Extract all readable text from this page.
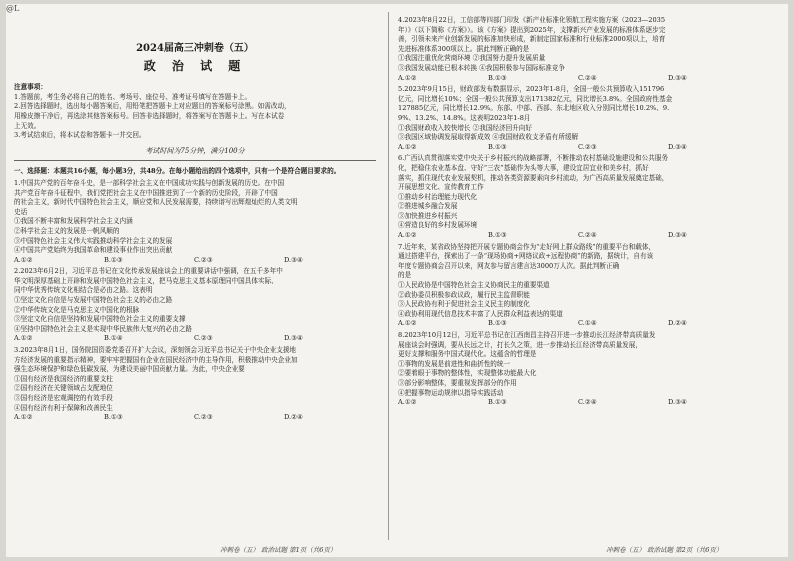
@L
2024届高三冲刺卷（五）
政 治 试 题
注意事项：
1.答题前，考生务必将自己的姓名、考场号、座位号、准考证号填写在答题卡上。
2.回答选择题时，选出每小题答案后，用铅笔把答题卡上对应题目的答案标号涂黑。如需改动，
用橡皮擦干净后，再选涂其他答案标号。回答非选择题时，将答案写在答题卡上。写在本试卷
上无效。
3.考试结束后，将本试卷和答题卡一并交回。
考试时间为75分钟，满分100分
一、选择题：本题共16小题，每小题3分，共48分。在每小题给出的四个选项中，只有一个是符合题目要求的。
1.中国共产党的百年奋斗史，是一部科学社会主义在中国成功实践与创新发展的历史。在中国
共产党百年奋斗征程中，我们党把社会主义在中国推进到了一个新的历史阶段，开辟了中国
的社会主义，新时代中国特色社会主义，顺应党和人民发展需要，持续谱写出辉煌灿烂的人类文明
史话
①我国不断丰富和发展科学社会主义内涵
②科学社会主义的发展是一帆风顺的
③中国特色社会主义伟大实践推动科学社会主义的发展
④中国共产党始终为我国革命和建设事业作出突出贡献
A.①②	B.①③	C.②③	D.③④
2.2023年6月2日，习近平总书记在文化传承发展座谈会上的重要讲话中强调，在五千多年中
华文明深厚基础上开辟和发展中国特色社会主义，把马克思主义基本原理同中国具体实际、
同中华优秀传统文化相结合是必由之路。这表明
①坚定文化自信是与发展中国特色社会主义的必由之路
②中华传统文化是马克思主义中国化的根脉
③坚定文化自信是坚持和发展中国特色社会主义的重要支撑
④坚持中国特色社会主义是实现中华民族伟大复兴的必由之路
A.①②	B.①④	C.②③	D.③④
3.2023年8月1日，国务院国资委党委召开扩大会议，深刻领会习近平总书记关于中央企业支援地
方经济发展的重要指示精神，要牢牢把握国有企业在国民经济中的主导作用，积极推动中央企业加
强生态环境保护和绿色低碳发展，为建设美丽中国贡献力量。为此，中央企业要
①国有经济是我国经济的重要支柱
②国有经济在关键领域占支配地位
③国有经济是宏观调控的有效手段
④国有经济有利于保障和改善民生
A.①②	B.①③	C.②③	D.②④
4.2023年8月22日，工信部等四部门印发《新产业标准化领航工程实施方案（2023—2035
年）》（以下简称《方案》）。该《方案》提出到2025年，支撑新兴产业发展的标准体系逐步完
善，引领未来产业创新发展的标准加快形成，新制定国家标准和行业标准2000项以上，培育
先进标准体系300项以上。据此判断正确的是
①我国注重优化营商环境 ②我国努力提升发展质量
③我国发展动能已根本转换 ④我国积极参与国际标准竞争
A.①②	B.①③	C.②④	D.③④
5.2023年9月15日，财政部发布数据显示，2023年1-8月，全国一般公共预算收入151796
亿元，同比增长10%；全国一般公共预算支出171382亿元，同比增长3.8%。全国政府性基金
127885亿元，同比增长12.9%。东部、中部、西部、东北地区收入分别同比增长10.2%、9.
9%、13.2%、14.8%。这表明2023年1-8月
①我国财政收入较快增长 ②我国经济回升向好
③我国区域协调发展取得新成效 ④我国财政收支矛盾有所缓解
A.①②	B.①③	C.②③	D.③④
6.广西认真贯彻落实党中央关于乡村振兴的战略部署，不断推动农村基础设施建设和公共服务
化，把稳住农业基本盘、守好“三农”基础作为头等大事，建设宜居宜业和美乡村，抓好
落实，抓住现代农业发展契机，推动各类资源要素向乡村流动，为广西高质量发展奠定基础，
开展思想文化、宣传教育工作
①推动乡村治理能力现代化
②推进城乡融合发展
③加快推进乡村振兴
④营造良好的乡村发展环境
A.①②	B.①③	C.②④	D.③④
7.近年来，某省政协坚持把开展专题协商会作为“走好网上群众路线”的重要平台和载体，
通过搭建平台，探索出了一条“现场协商+网络议政+远程协商”的新路，据统计，自有该
年度专题协商会召开以来，网友参与留言建言达3000万人次。据此判断正确
的是
①人民政协是中国特色社会主义协商民主的重要渠道
②政协委员积极参政议政，履行民主监督职能
③人民政协有利于促进社会主义民主的制度化
④政协利用现代信息技术丰富了人民群众利益表达的渠道
A.①②	B.①③	C.①④	D.②④
8.2023年10月12日，习近平总书记在江西南昌主持召开进一步推动长江经济带高质量发
展座谈会时强调，要从长远之计，打长久之策，进一步推动长江经济带高质量发展，
更好支撑和服务中国式现代化。这蕴含的哲理是
①事物的发展是前进性和曲折性的统一
②要着眼于事物的整体性，实现整体功能最大化
③部分影响整体，要重视发挥部分的作用
④把握事物运动规律以指导实践活动
A.①②	B.①③	C.②④	D.③④
冲刺卷（五） 政治试题 第1页（共6页）	冲刺卷（五） 政治试题 第2页（共6页）
